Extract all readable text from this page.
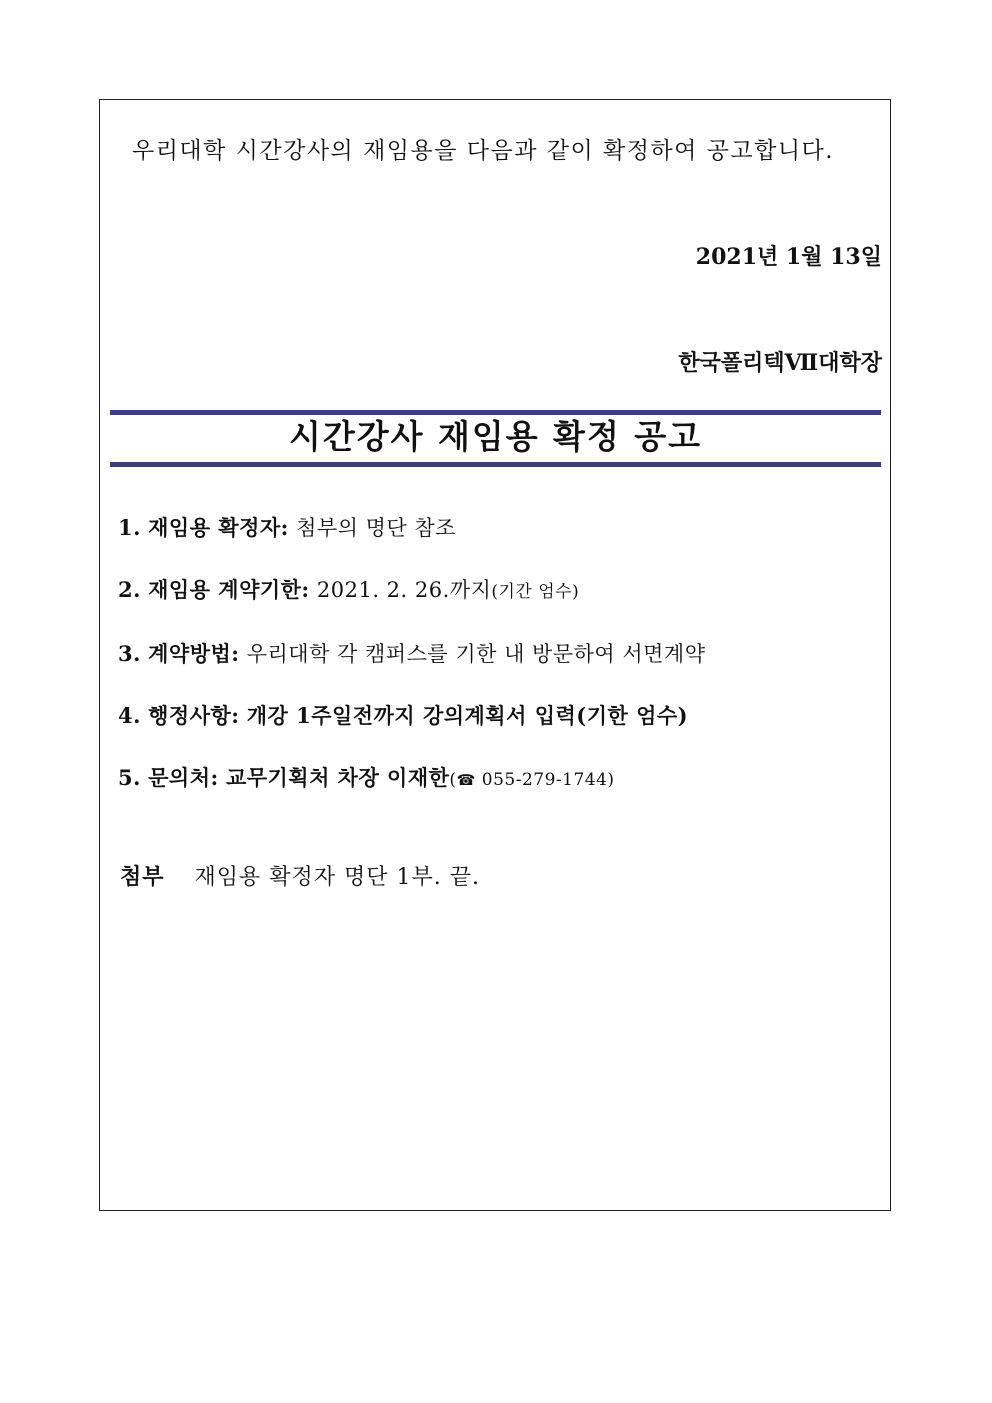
우리대학 시간강사의 재임용을 다음과 같이 확정하여 공고합니다.
2021년 1월 13일
한국폴리텍Ⅶ대학장
시간강사 재임용 확정 공고
1. 재임용 확정자: 첨부의 명단 참조
2. 재임용 계약기한: 2021. 2. 26.까지(기간 엄수)
3. 계약방법: 우리대학 각 캠퍼스를 기한 내 방문하여 서면계약
4. 행정사항: 개강 1주일전까지 강의계획서 입력(기한 엄수)
5. 문의처: 교무기획처 차장 이재한(☎ 055-279-1744)
첨부 재임용 확정자 명단 1부. 끝.
